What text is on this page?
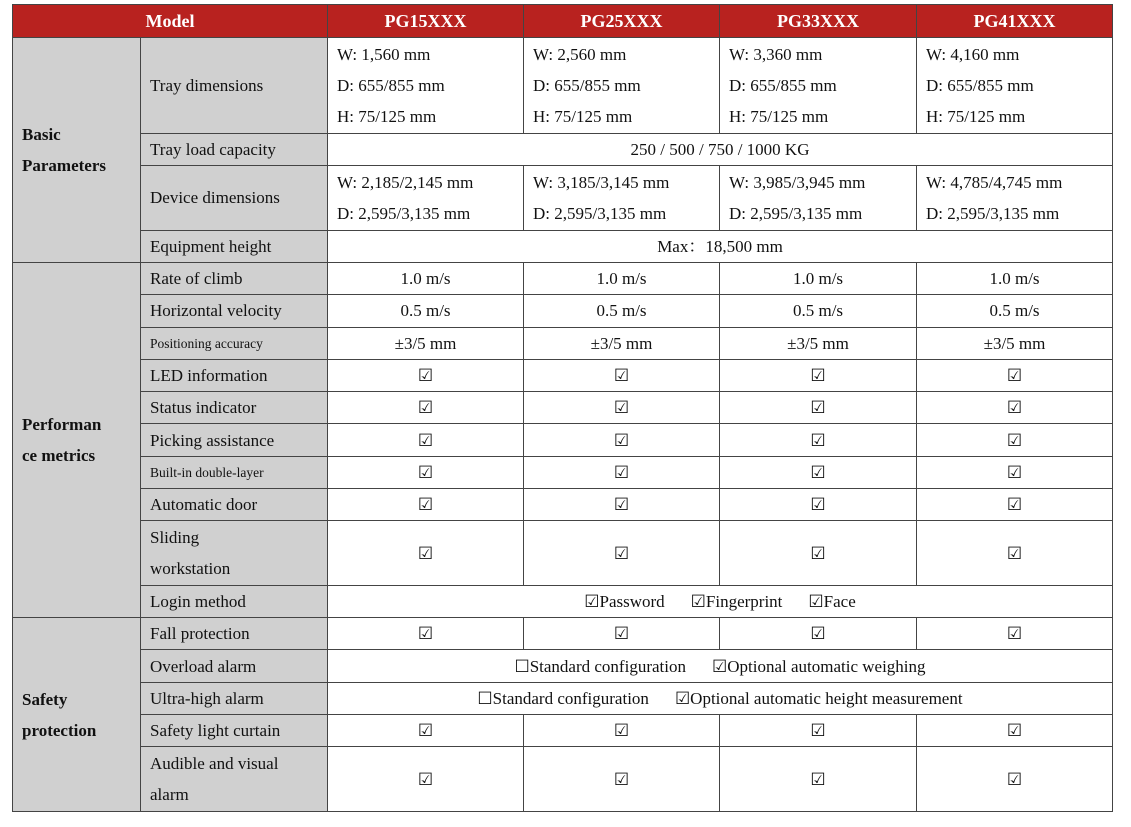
Model		PG15XXX	PG25XXX	PG33XXX	PG41XXX

Basic
Parameters	Tray dimensions	W: 1,560 mm
D: 655/855 mm
H: 75/125 mm	W: 2,560 mm
D: 655/855 mm
H: 75/125 mm	W: 3,360 mm
D: 655/855 mm
H: 75/125 mm	W: 4,160 mm
D: 655/855 mm
H: 75/125 mm

	Tray load capacity	250 / 500 / 750 / 1000 KG			
	Device dimensions	W: 2,185/2,145 mm
D: 2,595/3,135 mm	W: 3,185/3,145 mm
D: 2,595/3,135 mm	W: 3,985/3,945 mm
D: 2,595/3,135 mm	W: 4,785/4,745 mm
D: 2,595/3,135 mm

	Equipment height	Max：18,500 mm			

Performan
ce metrics	Rate of climb	1.0 m/s	1.0 m/s	1.0 m/s	1.0 m/s
	Horizontal velocity	0.5 m/s	0.5 m/s	0.5 m/s	0.5 m/s
	Positioning accuracy	±3/5 mm	±3/5 mm	±3/5 mm	±3/5 mm
	LED information	☑	☑	☑	☑
	Status indicator	☑	☑	☑	☑
	Picking assistance	☑	☑	☑	☑
	Built-in double-layer	☑	☑	☑	☑
	Automatic door	☑	☑	☑	☑

	Sliding
workstation	☑	☑	☑	☑
	Login method	☑Password ☑Fingerprint ☑Face			

Safety
protection	Fall protection	☑	☑	☑	☑
	Overload alarm	☐Standard configuration ☑Optional automatic weighing			
	Ultra-high alarm	☐Standard configuration ☑Optional automatic height measurement			
	Safety light curtain	☑	☑	☑	☑

	Audible and visual
alarm	☑	☑	☑	☑
